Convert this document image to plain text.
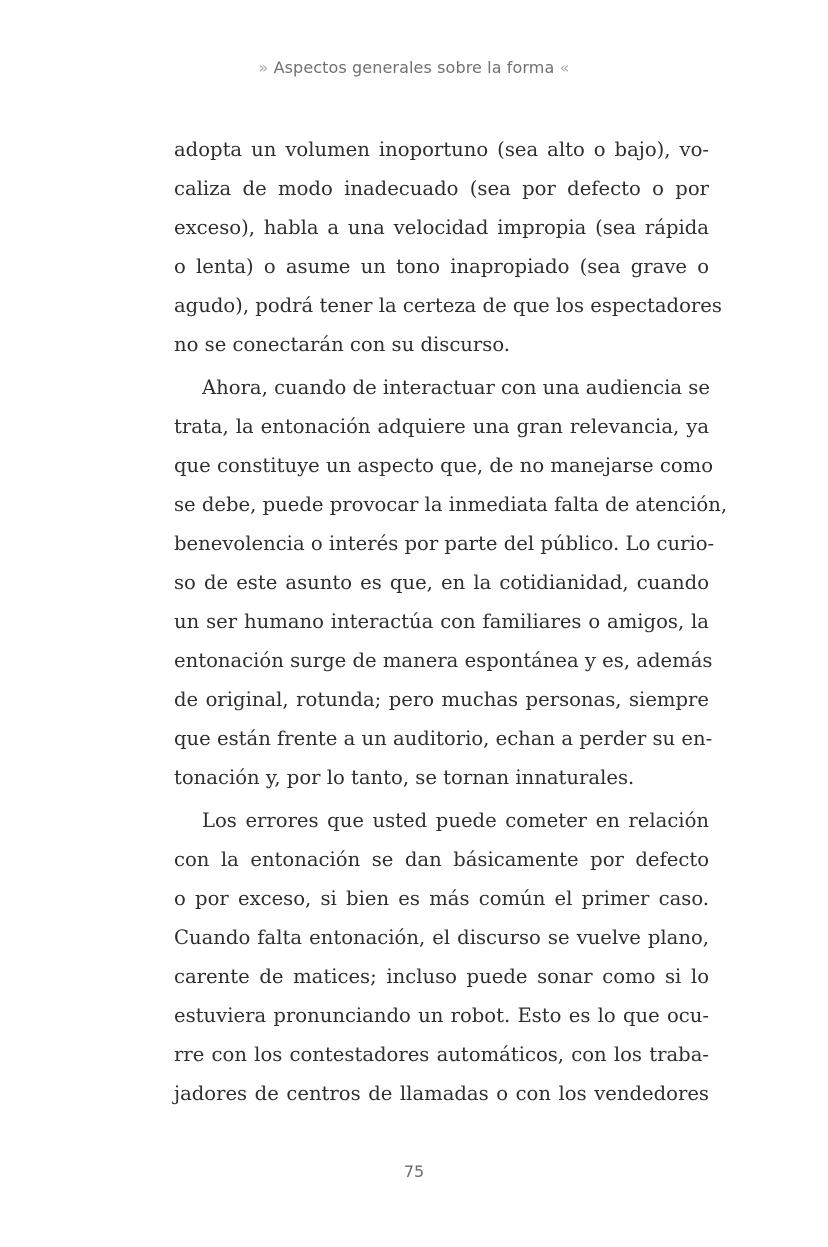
» Aspectos generales sobre la forma «
adopta un volumen inoportuno (sea alto o bajo), vo-
caliza de modo inadecuado (sea por defecto o por
exceso), habla a una velocidad impropia (sea rápida
o lenta) o asume un tono inapropiado (sea grave o
agudo), podrá tener la certeza de que los espectadores
no se conectarán con su discurso.
Ahora, cuando de interactuar con una audiencia se
trata, la entonación adquiere una gran relevancia, ya
que constituye un aspecto que, de no manejarse como
se debe, puede provocar la inmediata falta de atención,
benevolencia o interés por parte del público. Lo curio-
so de este asunto es que, en la cotidianidad, cuando
un ser humano interactúa con familiares o amigos, la
entonación surge de manera espontánea y es, además
de original, rotunda; pero muchas personas, siempre
que están frente a un auditorio, echan a perder su en-
tonación y, por lo tanto, se tornan innaturales.
Los errores que usted puede cometer en relación
con la entonación se dan básicamente por defecto
o por exceso, si bien es más común el primer caso.
Cuando falta entonación, el discurso se vuelve plano,
carente de matices; incluso puede sonar como si lo
estuviera pronunciando un robot. Esto es lo que ocu-
rre con los contestadores automáticos, con los traba-
jadores de centros de llamadas o con los vendedores
75
